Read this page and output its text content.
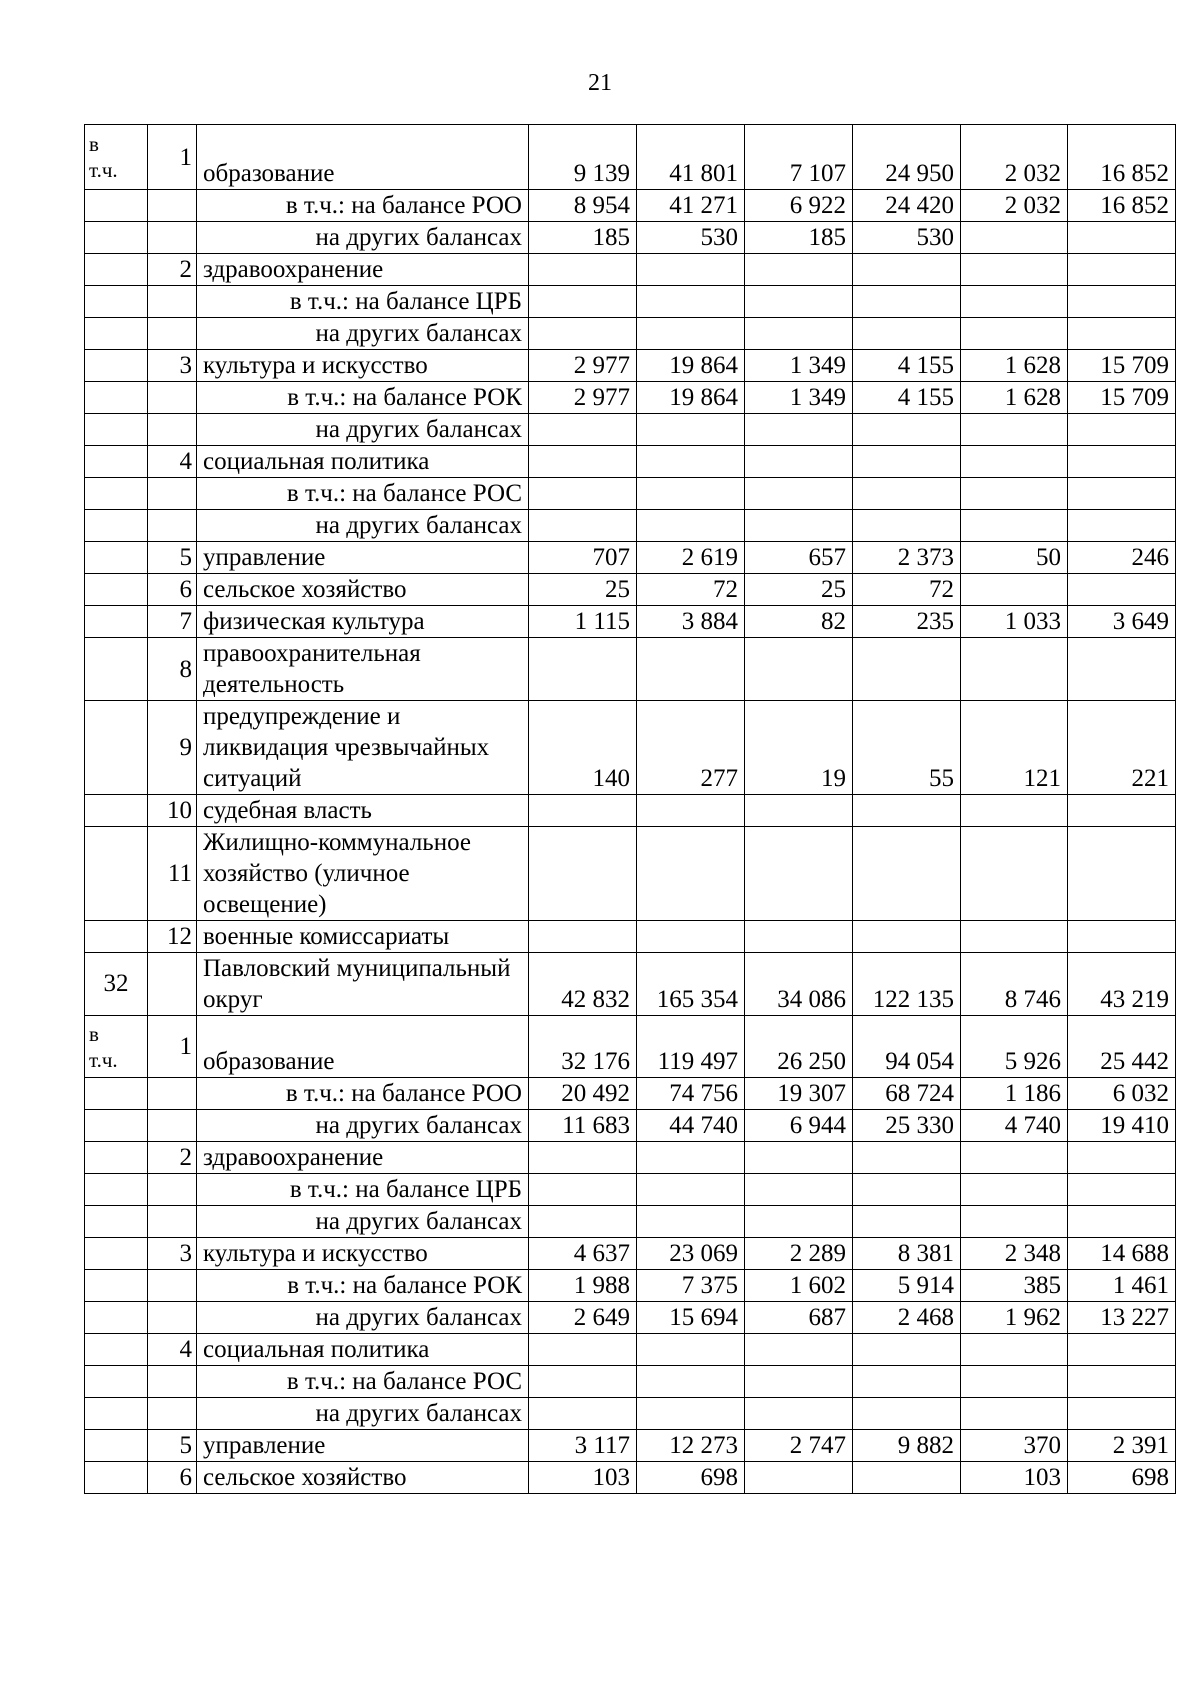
21
в
т.ч.	1	образование	9 139	41 801	7 107	24 950	2 032	16 852
		в т.ч.: на балансе РОО	8 954	41 271	6 922	24 420	2 032	16 852
		на других балансах	185	530	185	530		
	2	здравоохранение						
		в т.ч.: на балансе ЦРБ						
		на других балансах						
	3	культура и искусство	2 977	19 864	1 349	4 155	1 628	15 709
		в т.ч.: на балансе РОК	2 977	19 864	1 349	4 155	1 628	15 709
		на других балансах						
	4	социальная политика						
		в т.ч.: на балансе РОС						
		на других балансах						
	5	управление	707	2 619	657	2 373	50	246
	6	сельское хозяйство	25	72	25	72		
	7	физическая культура	1 115	3 884	82	235	1 033	3 649
	8	правоохранительная деятельность						
	9	предупреждение и ликвидация чрезвычайных ситуаций	140	277	19	55	121	221
	10	судебная власть						
	11	Жилищно-коммунальное хозяйство (уличное освещение)						
	12	военные комиссариаты						
32		Павловский муниципальный округ	42 832	165 354	34 086	122 135	8 746	43 219
в
т.ч.	1	образование	32 176	119 497	26 250	94 054	5 926	25 442
		в т.ч.: на балансе РОО	20 492	74 756	19 307	68 724	1 186	6 032
		на других балансах	11 683	44 740	6 944	25 330	4 740	19 410
	2	здравоохранение						
		в т.ч.: на балансе ЦРБ						
		на других балансах						
	3	культура и искусство	4 637	23 069	2 289	8 381	2 348	14 688
		в т.ч.: на балансе РОК	1 988	7 375	1 602	5 914	385	1 461
		на других балансах	2 649	15 694	687	2 468	1 962	13 227
	4	социальная политика						
		в т.ч.: на балансе РОС						
		на других балансах						
	5	управление	3 117	12 273	2 747	9 882	370	2 391
	6	сельское хозяйство	103	698			103	698
